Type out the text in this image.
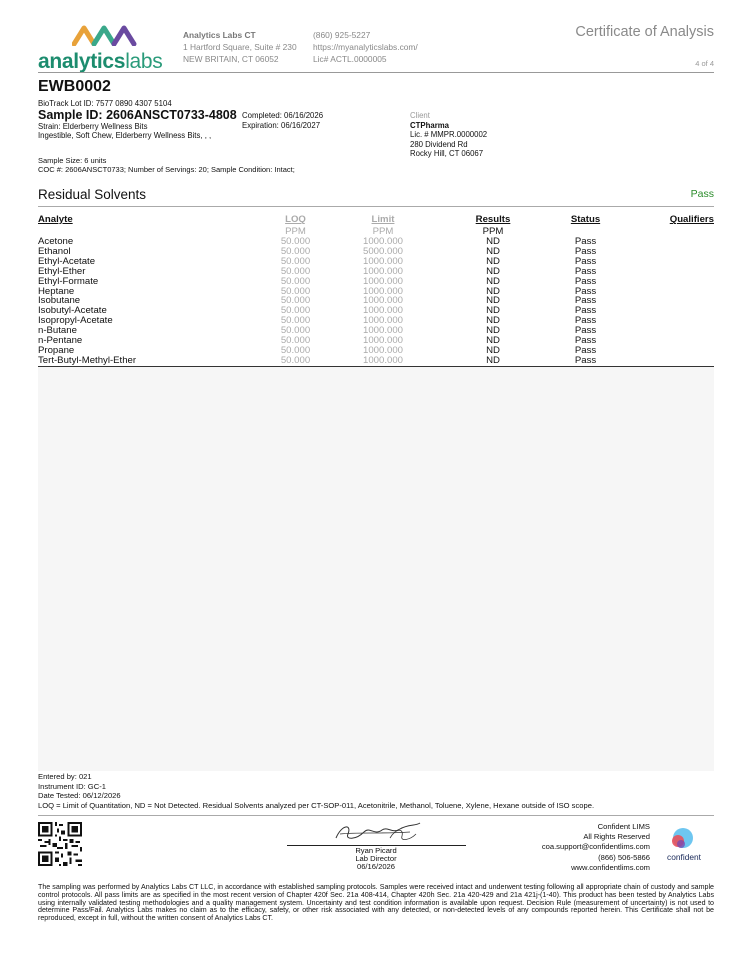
analyticslabs
Analytics Labs CT
1 Hartford Square, Suite # 230
NEW BRITAIN, CT 06052
(860) 925-5227
https://myanalyticslabs.com/
Lic# ACTL.0000005
Certificate of Analysis
4 of 4
EWB0002
BioTrack Lot ID: 7577 0890 4307 5104
Sample ID: 2606ANSCT0733-4808
Strain: Elderberry Wellness Bits
Ingestible, Soft Chew, Elderberry Wellness Bits, , ,
Completed: 06/16/2026
Expiration: 06/16/2027
Client
CTPharma
Lic. # MMPR.0000002
280 Dividend Rd
Rocky Hill, CT 06067
Sample Size: 6 units
COC #: 2606ANSCT0733; Number of Servings: 20; Sample Condition: Intact;
Residual Solvents	Pass
Analyte	LOQ	Limit	Results	Status	Qualifiers
	PPM	PPM	PPM		
Acetone	50.000	1000.000	ND	Pass	
Ethanol	50.000	5000.000	ND	Pass	
Ethyl-Acetate	50.000	1000.000	ND	Pass	
Ethyl-Ether	50.000	1000.000	ND	Pass	
Ethyl-Formate	50.000	1000.000	ND	Pass	
Heptane	50.000	1000.000	ND	Pass	
Isobutane	50.000	1000.000	ND	Pass	
Isobutyl-Acetate	50.000	1000.000	ND	Pass	
Isopropyl-Acetate	50.000	1000.000	ND	Pass	
n-Butane	50.000	1000.000	ND	Pass	
n-Pentane	50.000	1000.000	ND	Pass	
Propane	50.000	1000.000	ND	Pass	
Tert-Butyl-Methyl-Ether	50.000	1000.000	ND	Pass	
Entered by: 021
Instrument ID: GC-1
Date Tested: 06/12/2026
LOQ = Limit of Quantitation, ND = Not Detected. Residual Solvents analyzed per CT-SOP-011, Acetonitrile, Methanol, Toluene, Xylene, Hexane outside of ISO scope.
Ryan Picard
Lab Director
06/16/2026
Confident LIMS
All Rights Reserved
coa.support@confidentlims.com
(866) 506-5866
www.confidentlims.com
confident
The sampling was performed by Analytics Labs CT LLC, in accordance with established sampling protocols. Samples were received intact and underwent testing following all appropriate chain of custody and sample control protocols. All pass limits are as specified in the most recent version of Chapter 420f Sec. 21a 408-414, Chapter 420h Sec. 21a 420-429 and 21a 421j-(1-40). This product has been tested by Analytics Labs using internally validated testing methodologies and a quality management system. Uncertainty and test condition information is available upon request. Decision Rule (measurement of uncertainty) is not used to determine Pass/Fail. Analytics Labs makes no claim as to the efficacy, safety, or other risk associated with any detected, or non-detected levels of any compounds reported herein. This Certificate shall not be reproduced, except in full, without the written consent of Analytics Labs CT.
